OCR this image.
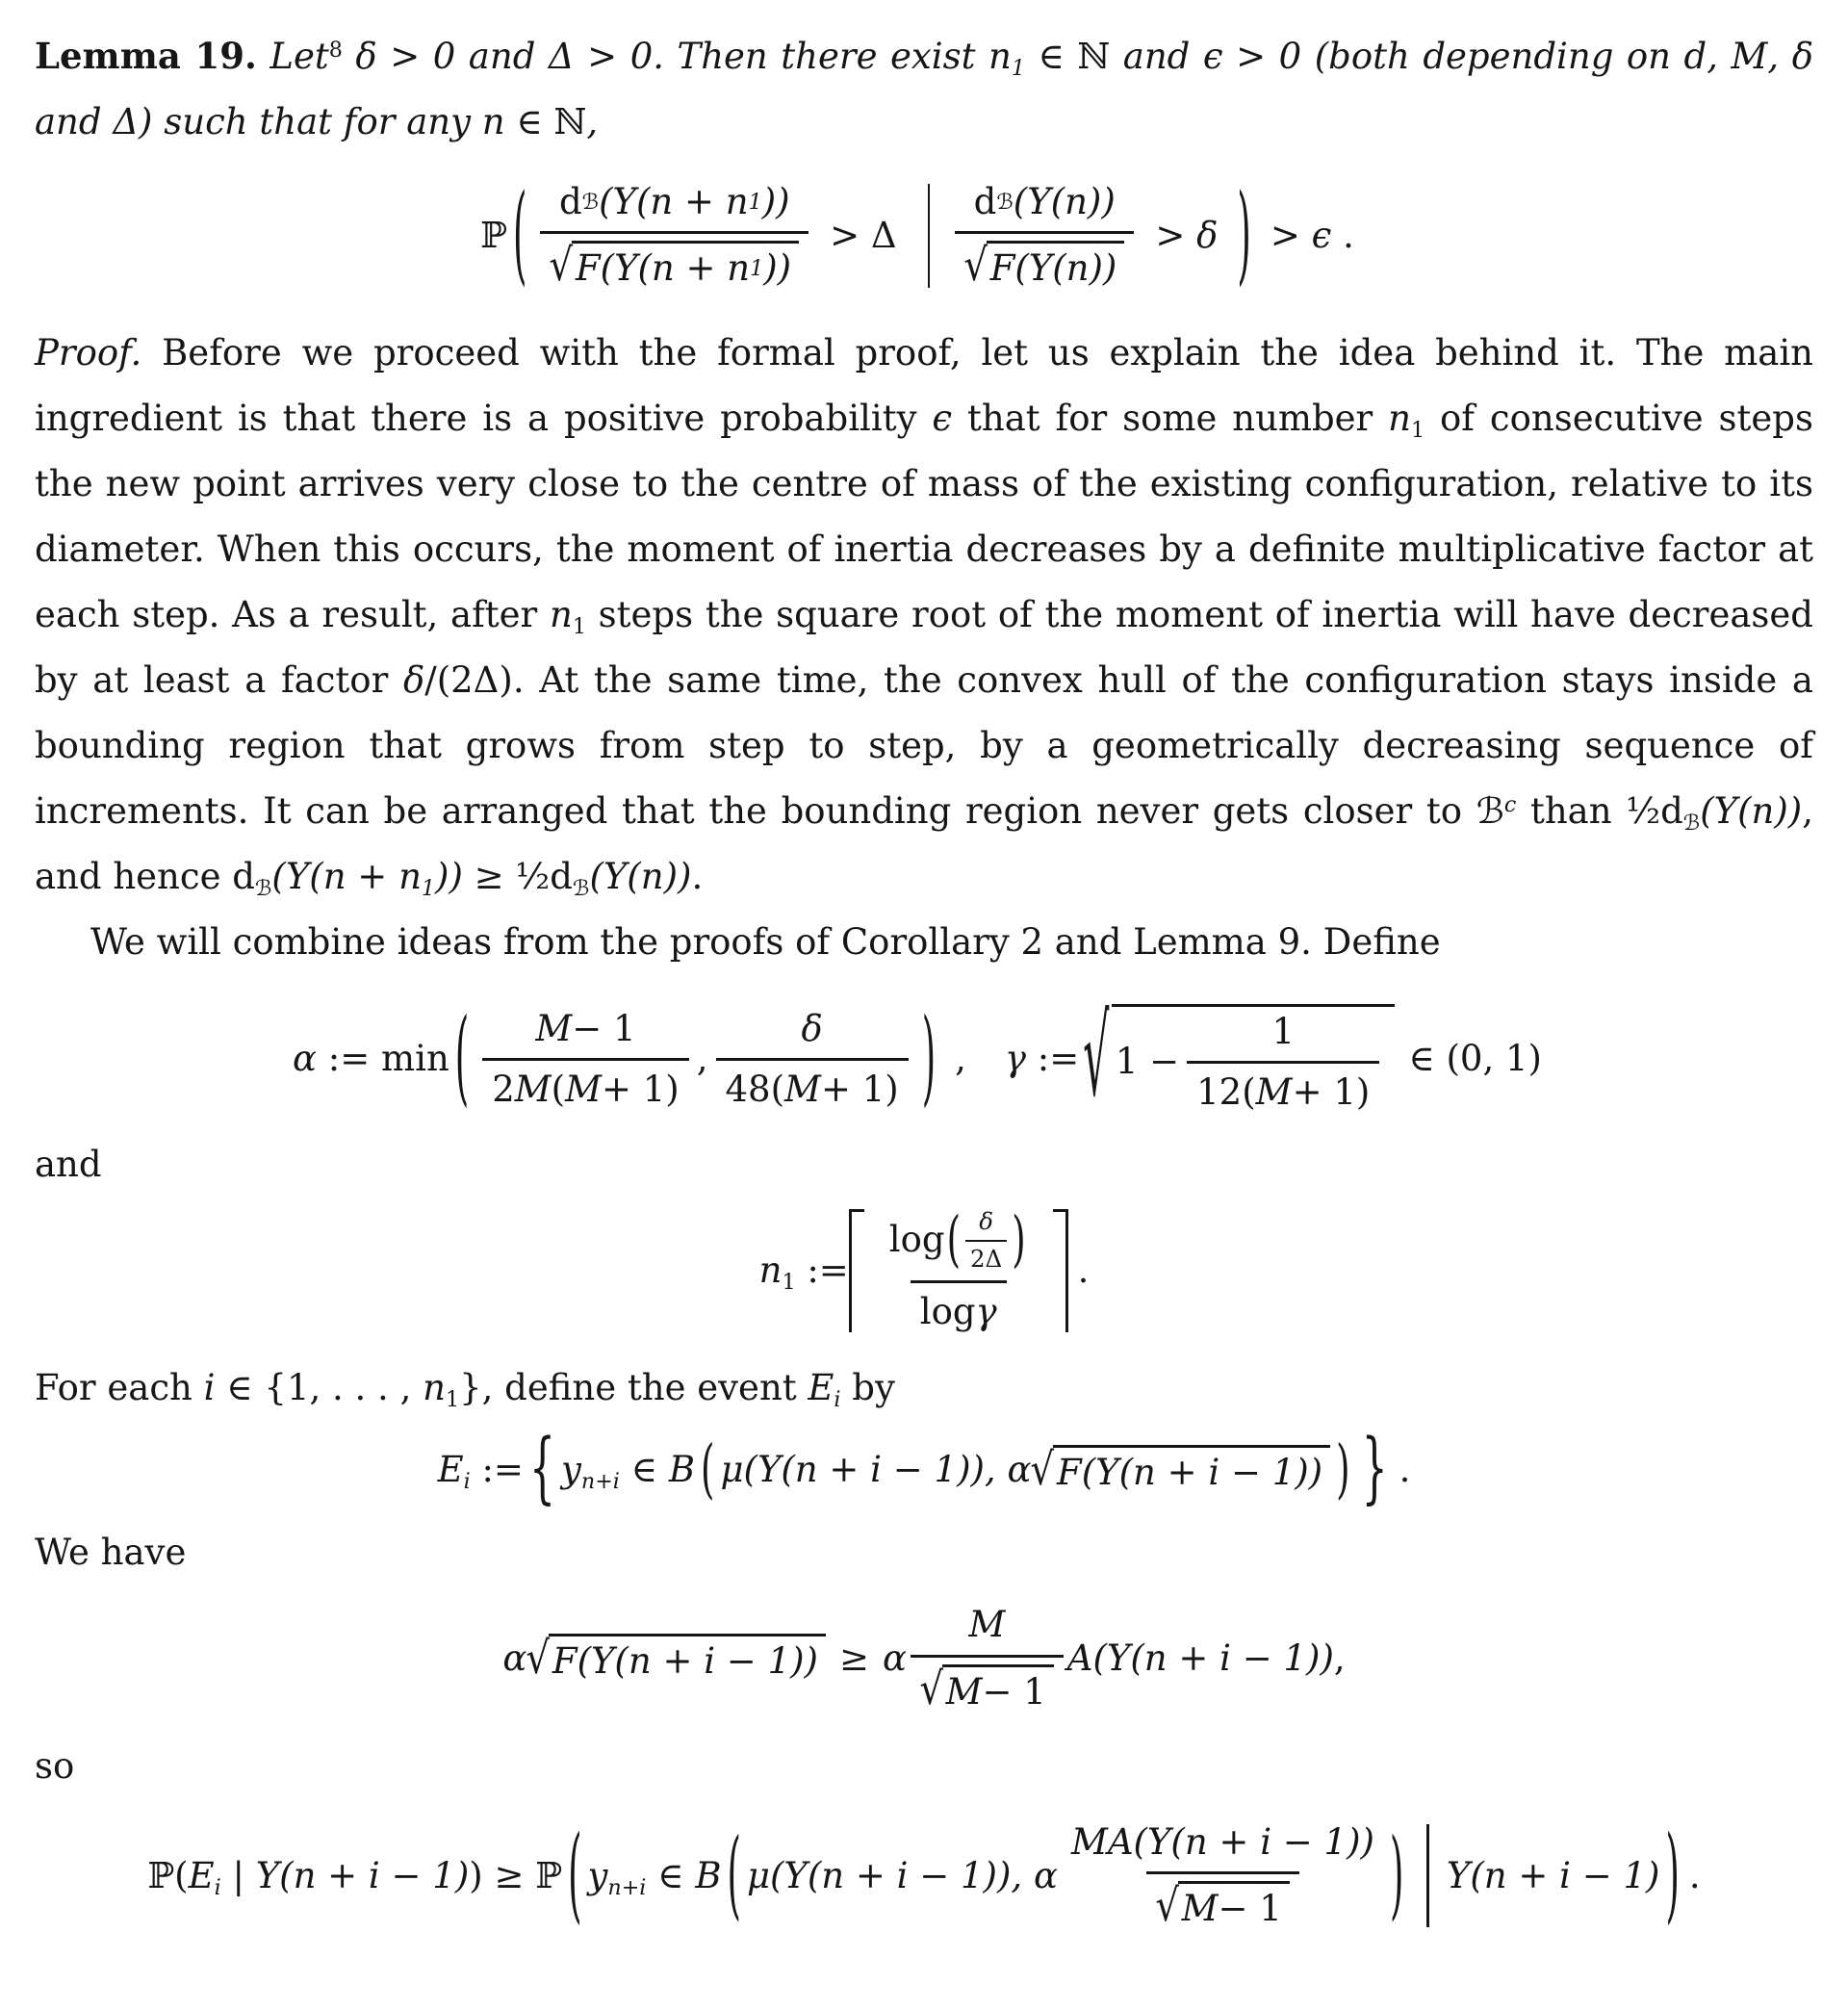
Lemma 19. Let$^8$ δ > 0 and Δ > 0. Then there exist $n_1$ ∈ ℕ and ϵ > 0 (both depending on d, M, δ and Δ) such that for any n ∈ ℕ,

ℙ ( $\frac{\text{d ℬ (Y(n + n 1 ))}}{√ F(Y(n + n 1 ))} > \Delta \frac{\text{d ℬ (Y(n))}}{√ F(Y(n))} > \delta$ ) > ϵ .

Proof. Before we proceed with the formal proof, let us explain the idea behind it. The main ingredient is that there is a positive probability ϵ that for some number $n_1$ of consecutive steps the new point arrives very close to the centre of mass of the existing configuration, relative to its diameter. When this occurs, the moment of inertia decreases by a definite multiplicative factor at each step. As a result, after $n_1$ steps the square root of the moment of inertia will have decreased by at least a factor δ/(2Δ). At the same time, the convex hull of the configuration stays inside a bounding region that grows from step to step, by a geometrically decreasing sequence of increments. It can be arranged that the bounding region never gets closer to ℬ$^c$ than $\frac{1}{2}d_ℬ(Y(n))$, and hence $d_ℬ(Y(n + n_1))$ ≥ $\frac{1}{2}d_ℬ(Y(n))$.

We will combine ideas from the proofs of Corollary 2 and Lemma 9. Define

α := min ( $\frac{M - 1}{2 M ( M + 1)}$ , $\frac{\delta}{48( M + 1)}$ ) , γ := √ $1 - \frac{1}{12( M + 1)}$ ∈ (0, 1)

and

$n_1$ := $\frac{\log ( \frac{\delta}{2\Delta} )}{\text{log γ}}$ .

For each i ∈ {1, . . . , $n_1$}, define the event $E_i$ by

$E_i$ := { $y_{n+i}$ ∈ B ( μ(Y(n + i − 1)), α √ F(Y(n + i − 1)) ) } .

We have

α √ F(Y(n + i − 1)) ≥ α $\frac{M}{√ M - 1} A(Y(n + i - 1))$,

so

$ℙ(E_i$ | Y(n + i − 1)) ≥ ℙ ( $y_{n+i}$ ∈ B ( μ(Y(n + i − 1)), α $\frac{MA(Y(n + i - 1))}{√ M - 1}$ ) Y(n + i − 1) ) .
